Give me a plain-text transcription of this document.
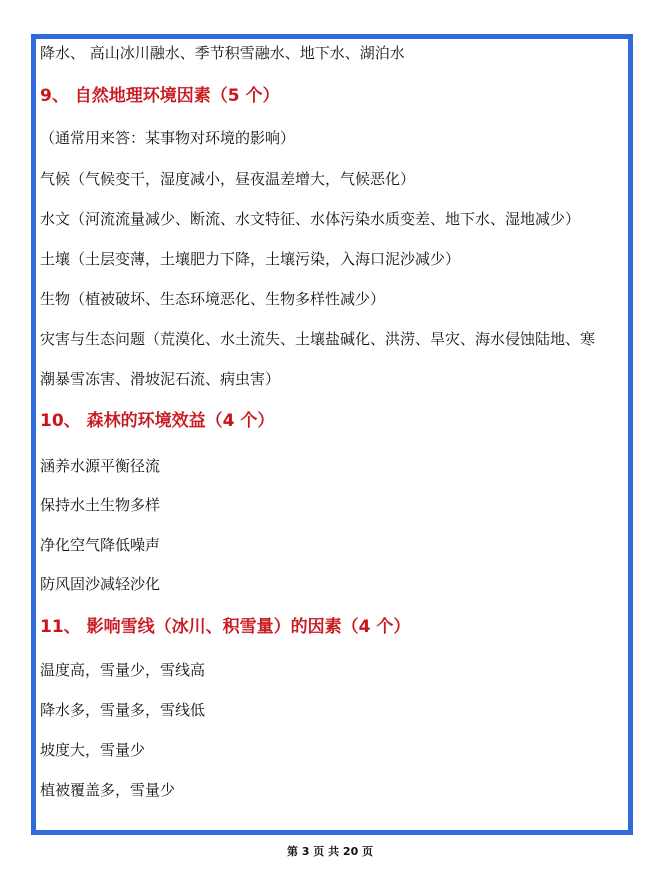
降水、 高山冰川融水、季节积雪融水、地下水、湖泊水
9、 自然地理环境因素（5 个）
（通常用来答：某事物对环境的影响）
气候（气候变干，湿度减小，昼夜温差增大，气候恶化）
水文（河流流量减少、断流、水文特征、水体污染水质变差、地下水、湿地减少）
土壤（土层变薄，土壤肥力下降，土壤污染，入海口泥沙减少）
生物（植被破坏、生态环境恶化、生物多样性减少）
灾害与生态问题（荒漠化、水土流失、土壤盐碱化、洪涝、旱灾、海水侵蚀陆地、寒
潮暴雪冻害、滑坡泥石流、病虫害）
10、 森林的环境效益（4 个）
涵养水源平衡径流
保持水土生物多样
净化空气降低噪声
防风固沙减轻沙化
11、 影响雪线（冰川、积雪量）的因素（4 个）
温度高，雪量少，雪线高
降水多，雪量多，雪线低
坡度大，雪量少
植被覆盖多，雪量少
第 3 页 共 20 页
